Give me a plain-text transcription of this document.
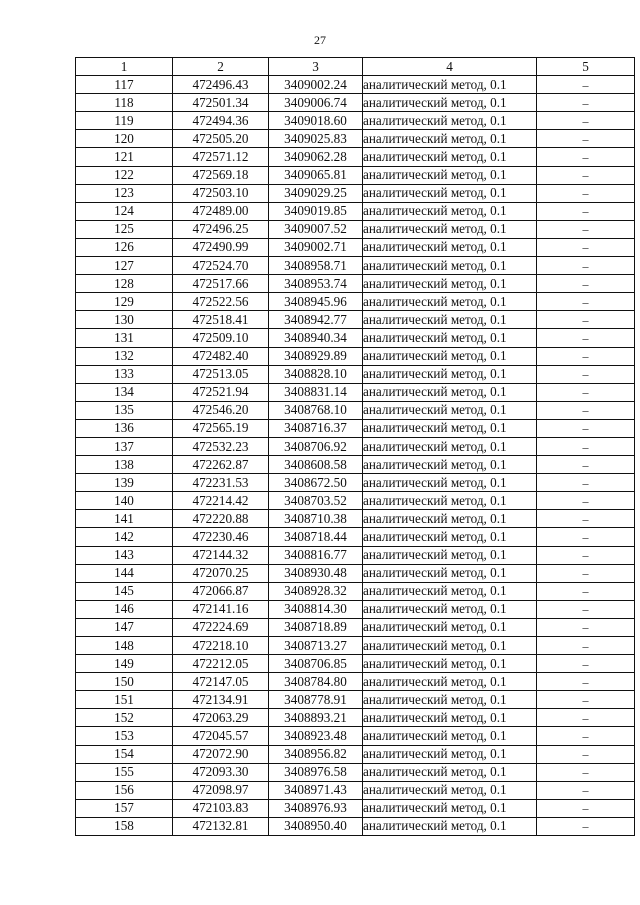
27
1	2	3	4	5
117	472496.43	3409002.24	аналитический метод, 0.1	–
118	472501.34	3409006.74	аналитический метод, 0.1	–
119	472494.36	3409018.60	аналитический метод, 0.1	–
120	472505.20	3409025.83	аналитический метод, 0.1	–
121	472571.12	3409062.28	аналитический метод, 0.1	–
122	472569.18	3409065.81	аналитический метод, 0.1	–
123	472503.10	3409029.25	аналитический метод, 0.1	–
124	472489.00	3409019.85	аналитический метод, 0.1	–
125	472496.25	3409007.52	аналитический метод, 0.1	–
126	472490.99	3409002.71	аналитический метод, 0.1	–
127	472524.70	3408958.71	аналитический метод, 0.1	–
128	472517.66	3408953.74	аналитический метод, 0.1	–
129	472522.56	3408945.96	аналитический метод, 0.1	–
130	472518.41	3408942.77	аналитический метод, 0.1	–
131	472509.10	3408940.34	аналитический метод, 0.1	–
132	472482.40	3408929.89	аналитический метод, 0.1	–
133	472513.05	3408828.10	аналитический метод, 0.1	–
134	472521.94	3408831.14	аналитический метод, 0.1	–
135	472546.20	3408768.10	аналитический метод, 0.1	–
136	472565.19	3408716.37	аналитический метод, 0.1	–
137	472532.23	3408706.92	аналитический метод, 0.1	–
138	472262.87	3408608.58	аналитический метод, 0.1	–
139	472231.53	3408672.50	аналитический метод, 0.1	–
140	472214.42	3408703.52	аналитический метод, 0.1	–
141	472220.88	3408710.38	аналитический метод, 0.1	–
142	472230.46	3408718.44	аналитический метод, 0.1	–
143	472144.32	3408816.77	аналитический метод, 0.1	–
144	472070.25	3408930.48	аналитический метод, 0.1	–
145	472066.87	3408928.32	аналитический метод, 0.1	–
146	472141.16	3408814.30	аналитический метод, 0.1	–
147	472224.69	3408718.89	аналитический метод, 0.1	–
148	472218.10	3408713.27	аналитический метод, 0.1	–
149	472212.05	3408706.85	аналитический метод, 0.1	–
150	472147.05	3408784.80	аналитический метод, 0.1	–
151	472134.91	3408778.91	аналитический метод, 0.1	–
152	472063.29	3408893.21	аналитический метод, 0.1	–
153	472045.57	3408923.48	аналитический метод, 0.1	–
154	472072.90	3408956.82	аналитический метод, 0.1	–
155	472093.30	3408976.58	аналитический метод, 0.1	–
156	472098.97	3408971.43	аналитический метод, 0.1	–
157	472103.83	3408976.93	аналитический метод, 0.1	–
158	472132.81	3408950.40	аналитический метод, 0.1	–
